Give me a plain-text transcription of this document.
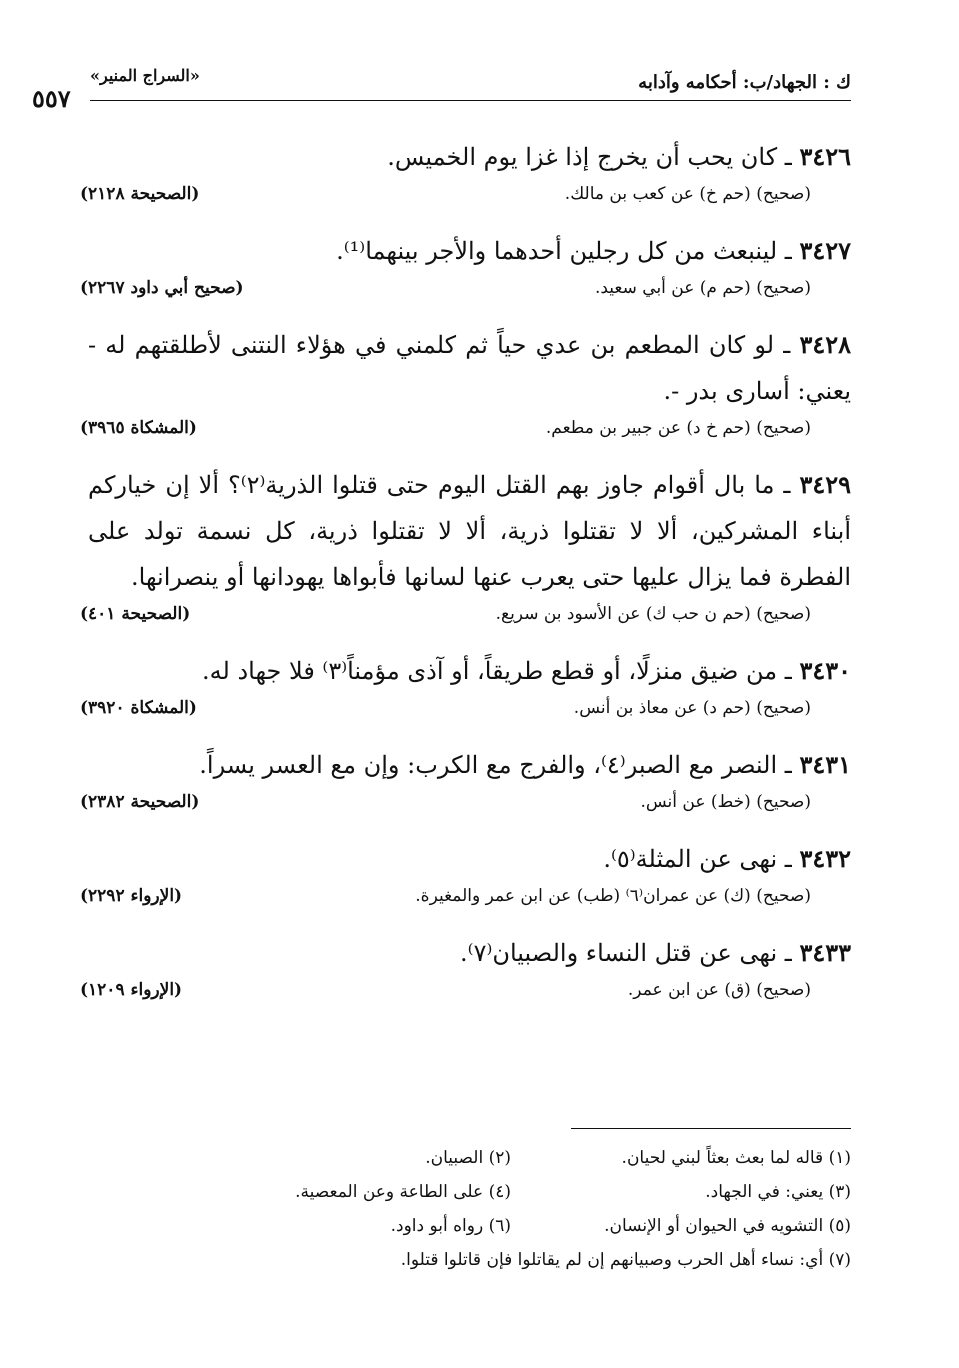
ك : الجهاد/ب: أحكامه وآدابه
«السراج المنير»
٥٥٧

٣٤٢٦ ـ كان يحب أن يخرج إذا غزا يوم الخميس.

(صحيح) (حم خ) عن كعب بن مالك.
(الصحيحة ٢١٢٨)

٣٤٢٧ ـ لينبعث من كل رجلين أحدهما والأجر بينهما⁽¹⁾.

(صحيح) (حم م) عن أبي سعيد.
(صحيح أبي داود ٢٢٦٧)

٣٤٢٨ ـ لو كان المطعم بن عدي حياً ثم كلمني في هؤلاء النتنى لأطلقتهم له - يعني: أسارى بدر -.

(صحيح) (حم خ د) عن جبير بن مطعم.
(المشكاة ٣٩٦٥)

٣٤٢٩ ـ ما بال أقوام جاوز بهم القتل اليوم حتى قتلوا الذرية⁽٢⁾؟ ألا إن خياركم أبناء المشركين، ألا لا تقتلوا ذرية، ألا لا تقتلوا ذرية، كل نسمة تولد على الفطرة فما يزال عليها حتى يعرب عنها لسانها فأبواها يهودانها أو ينصرانها.

(صحيح) (حم ن حب ك) عن الأسود بن سريع.
(الصحيحة ٤٠١)

٣٤٣٠ ـ من ضيق منزلًا، أو قطع طريقاً، أو آذى مؤمناً⁽٣⁾ فلا جهاد له.

(صحيح) (حم د) عن معاذ بن أنس.
(المشكاة ٣٩٢٠)

٣٤٣١ ـ النصر مع الصبر⁽٤⁾، والفرج مع الكرب: وإن مع العسر يسراً.

(صحيح) (خط) عن أنس.
(الصحيحة ٢٣٨٢)

٣٤٣٢ ـ نهى عن المثلة⁽٥⁾.

(صحيح) (ك) عن عمران⁽٦⁾ (طب) عن ابن عمر والمغيرة.
(الإرواء ٢٢٩٢)

٣٤٣٣ ـ نهى عن قتل النساء والصبيان⁽٧⁾.

(صحيح) (ق) عن ابن عمر.
(الإرواء ١٢٠٩)
(١) قاله لما بعث بعثاً لبني لحيان.
(٢) الصبيان.
(٣) يعني: في الجهاد.
(٤) على الطاعة وعن المعصية.
(٥) التشويه في الحيوان أو الإنسان.
(٦) رواه أبو داود.
(٧) أي: نساء أهل الحرب وصبيانهم إن لم يقاتلوا فإن قاتلوا قتلوا.
